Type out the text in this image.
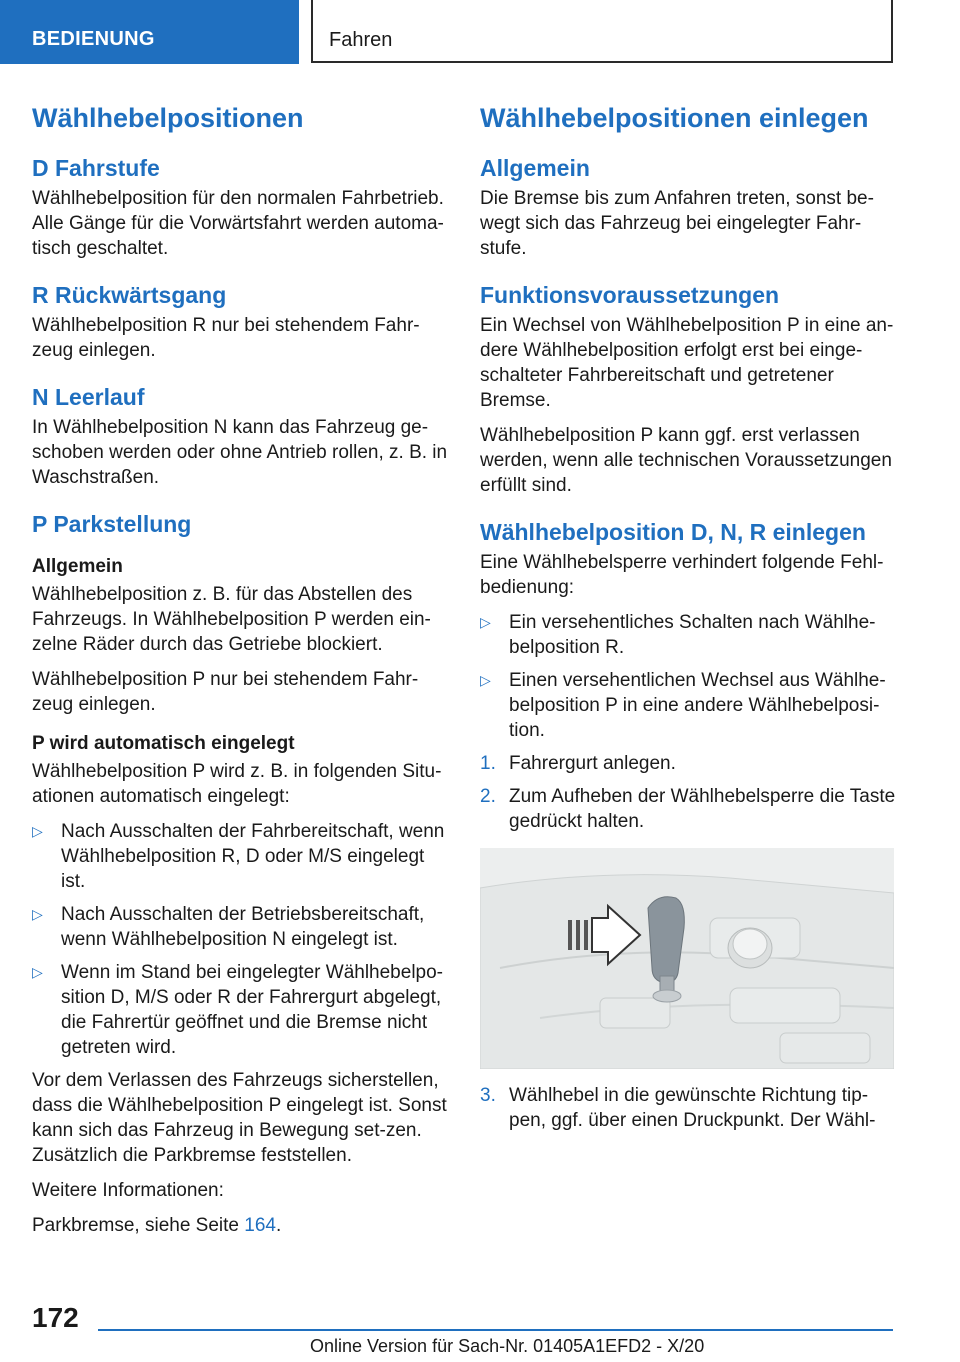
BEDIENUNG	Fahren
Wählhebelpositionen
D Fahrstufe

Wählhebelposition für den normalen Fahrbetrieb. Alle Gänge für die Vorwärtsfahrt werden automa-tisch geschaltet.

R Rückwärtsgang

Wählhebelposition R nur bei stehendem Fahr-zeug einlegen.

N Leerlauf

In Wählhebelposition N kann das Fahrzeug ge-schoben werden oder ohne Antrieb rollen, z. B. in Waschstraßen.

P Parkstellung
Allgemein

Wählhebelposition z. B. für das Abstellen des Fahrzeugs. In Wählhebelposition P werden ein-zelne Räder durch das Getriebe blockiert.

Wählhebelposition P nur bei stehendem Fahr-zeug einlegen.

P wird automatisch eingelegt

Wählhebelposition P wird z. B. in folgenden Situ-ationen automatisch eingelegt:

▷ Nach Ausschalten der Fahrbereitschaft, wenn Wählhebelposition R, D oder M/S eingelegt ist.
▷ Nach Ausschalten der Betriebsbereitschaft, wenn Wählhebelposition N eingelegt ist.
▷ Wenn im Stand bei eingelegter Wählhebelpo-sition D, M/S oder R der Fahrergurt abgelegt, die Fahrertür geöffnet und die Bremse nicht getreten wird.

Vor dem Verlassen des Fahrzeugs sicherstellen, dass die Wählhebelposition P eingelegt ist. Sonst kann sich das Fahrzeug in Bewegung set-zen. Zusätzlich die Parkbremse feststellen.

Weitere Informationen:

Parkbremse, siehe Seite 164.

Wählhebelpositionen einlegen
Allgemein

Die Bremse bis zum Anfahren treten, sonst be-wegt sich das Fahrzeug bei eingelegter Fahr-stufe.

Funktionsvoraussetzungen

Ein Wechsel von Wählhebelposition P in eine an-dere Wählhebelposition erfolgt erst bei einge-schalteter Fahrbereitschaft und getretener Bremse.

Wählhebelposition P kann ggf. erst verlassen werden, wenn alle technischen Voraussetzungen erfüllt sind.

Wählhebelposition D, N, R einlegen

Eine Wählhebelsperre verhindert folgende Fehl-bedienung:

▷ Ein versehentliches Schalten nach Wählhe-belposition R.
▷ Einen versehentlichen Wechsel aus Wählhe-belposition P in eine andere Wählhebelposi-tion.
1. Fahrergurt anlegen.
2. Zum Aufheben der Wählhebelsperre die Taste gedrückt halten.
3. Wählhebel in die gewünschte Richtung tip-pen, ggf. über einen Druckpunkt. Der Wähl-
172
Online Version für Sach-Nr. 01405A1EFD2 - X/20
